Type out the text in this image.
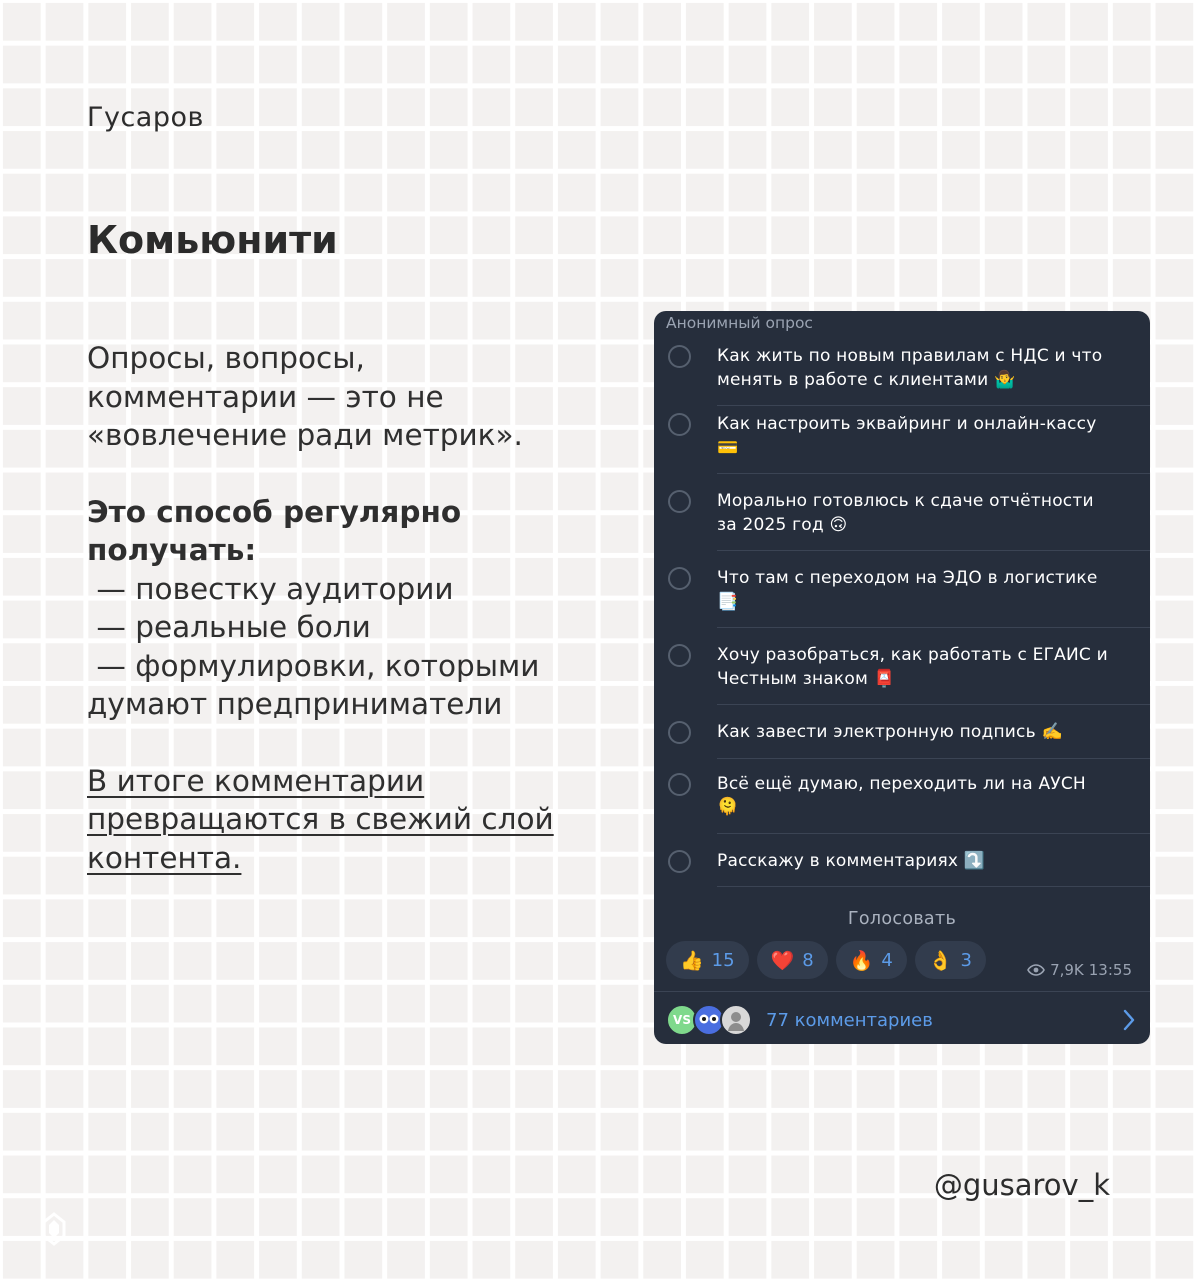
Гусаров
Комьюнити

Опросы, вопросы,

комментарии — это не

«вовлечение ради метрик».

Это способ регулярно

получать:

— повестку аудитории

— реальные боли

— формулировки, которыми

думают предприниматели

В итоге комментарии

превращаются в свежий слой

контента.

Анонимный опрос
Как жить по новым правилам с НДС и что менять в работе с клиентами 🤷‍♂️
Как настроить эквайринг и онлайн-кассу
💳
Морально готовлюсь к сдаче отчётности за 2025 год 🙃
Что там с переходом на ЭДО в логистике
📑
Хочу разобраться, как работать с ЕГАИС и Честным знаком 📮
Как завести электронную подпись ✍️
Всё ещё думаю, переходить ли на АУСН
🫠
Расскажу в комментариях ⤵️
Голосовать
👍 15 ❤️ 8 🔥 4 👌 3	7,9K 13:55
VS	77 комментариев
@gusarov_k
